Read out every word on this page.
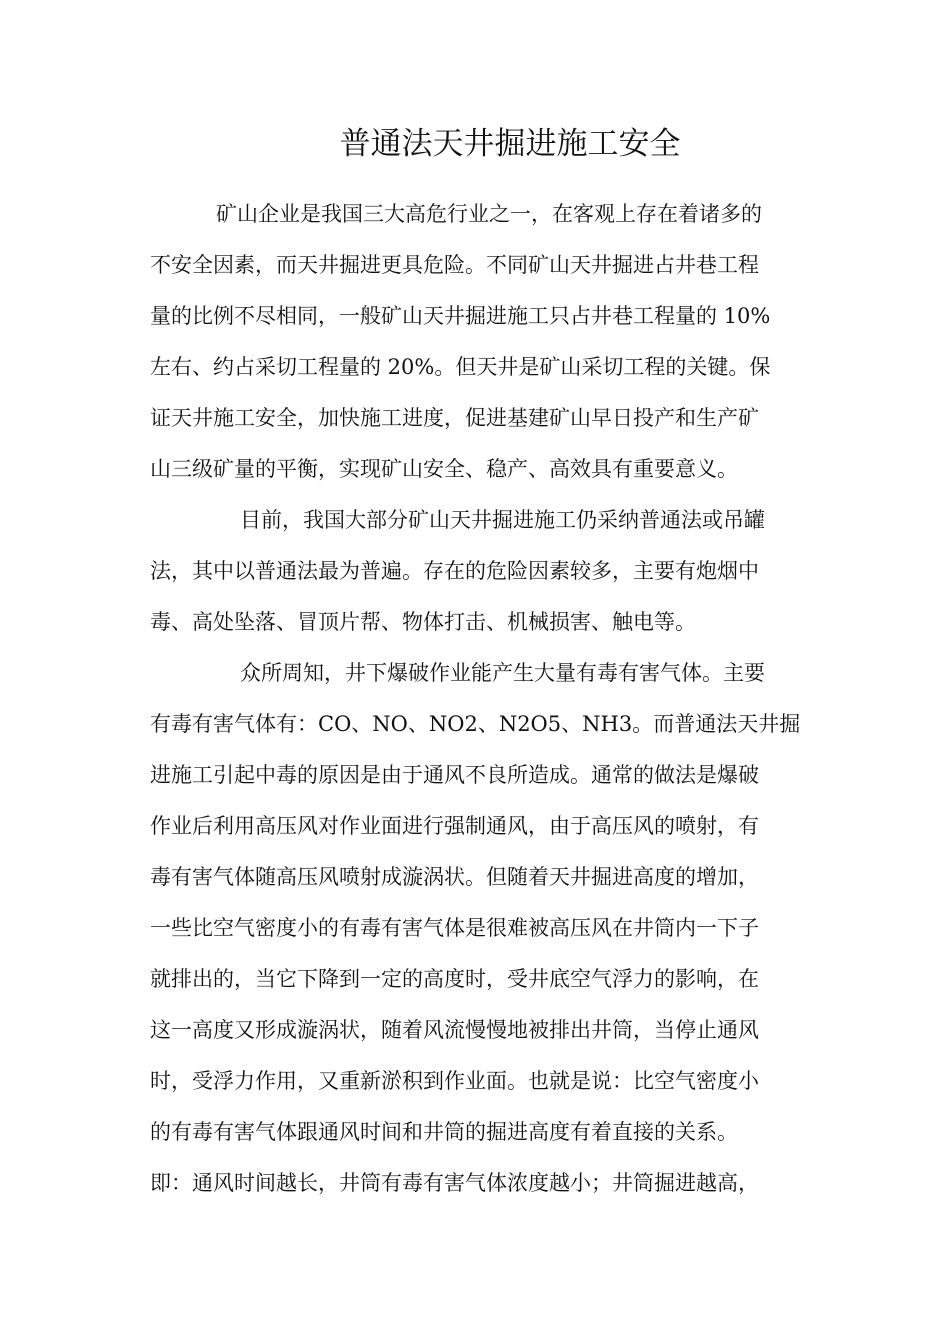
普通法天井掘进施工安全
矿山企业是我国三大高危行业之一，在客观上存在着诸多的
不安全因素，而天井掘进更具危险。不同矿山天井掘进占井巷工程
量的比例不尽相同，一般矿山天井掘进施工只占井巷工程量的 10%
左右、约占采切工程量的 20%。但天井是矿山采切工程的关键。保
证天井施工安全，加快施工进度，促进基建矿山早日投产和生产矿
山三级矿量的平衡，实现矿山安全、稳产、高效具有重要意义。
目前，我国大部分矿山天井掘进施工仍采纳普通法或吊罐
法，其中以普通法最为普遍。存在的危险因素较多，主要有炮烟中
毒、高处坠落、冒顶片帮、物体打击、机械损害、触电等。
众所周知，井下爆破作业能产生大量有毒有害气体。主要
有毒有害气体有：CO、NO、NO2、N2O5、NH3。而普通法天井掘
进施工引起中毒的原因是由于通风不良所造成。通常的做法是爆破
作业后利用高压风对作业面进行强制通风，由于高压风的喷射，有
毒有害气体随高压风喷射成漩涡状。但随着天井掘进高度的增加，
一些比空气密度小的有毒有害气体是很难被高压风在井筒内一下子
就排出的，当它下降到一定的高度时，受井底空气浮力的影响，在
这一高度又形成漩涡状，随着风流慢慢地被排出井筒，当停止通风
时，受浮力作用，又重新淤积到作业面。也就是说：比空气密度小
的有毒有害气体跟通风时间和井筒的掘进高度有着直接的关系。
即：通风时间越长，井筒有毒有害气体浓度越小；井筒掘进越高，
